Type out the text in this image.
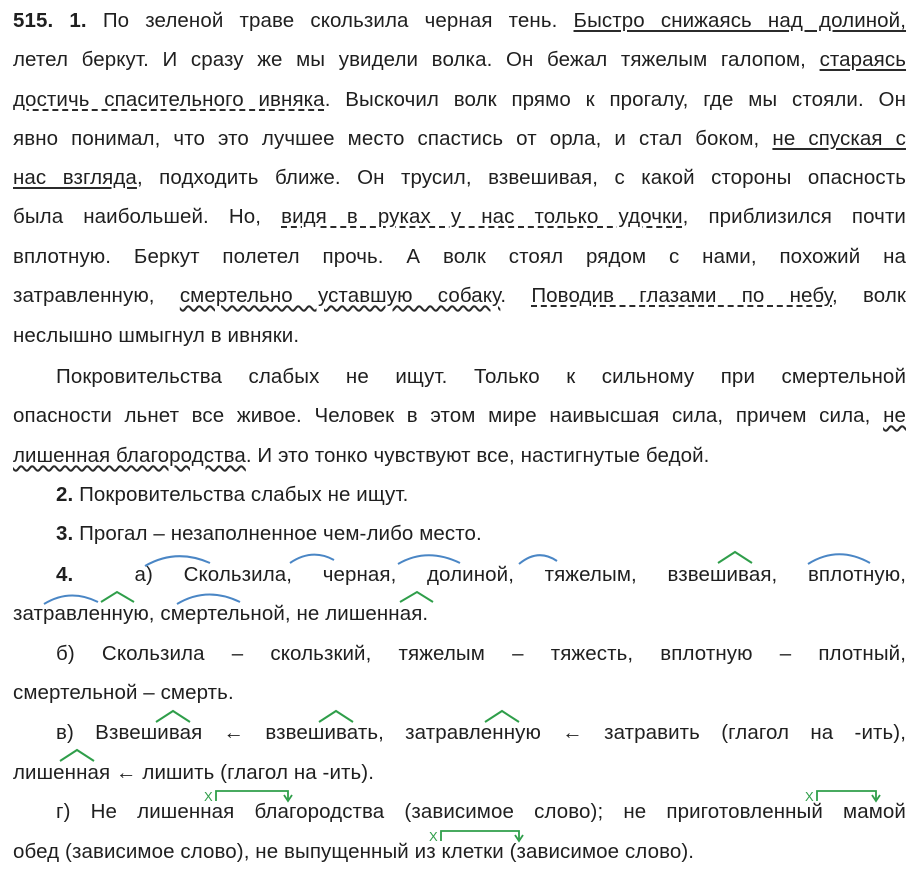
515. 1. По зеленой траве скользила черная тень. Быстро снижаясь над долиной,
летел беркут. И сразу же мы увидели волка. Он бежал тяжелым галопом, стараясь
достичь спасительного ивняка. Выскочил волк прямо к прогалу, где мы стояли. Он
явно понимал, что это лучшее место спастись от орла, и стал боком, не спуская с
нас взгляда, подходить ближе. Он трусил, взвешивая, с какой стороны опасность
была наибольшей. Но, видя в руках у нас только удочки, приблизился почти
вплотную. Беркут полетел прочь. А волк стоял рядом с нами, похожий на
затравленную, смертельно уставшую собаку. Поводив глазами по небу, волк
неслышно шмыгнул в ивняки.
Покровительства слабых не ищут. Только к сильному при смертельной
опасности льнет все живое. Человек в этом мире наивысшая сила, причем сила, не
лишенная благородства. И это тонко чувствуют все, настигнутые бедой.
2. Покровительства слабых не ищут.
3. Прогал – незаполненное чем-либо место.
4.	а) Скользила, черная, долиной, тяжелым, взвешивая, вплотную,
затравленную, смертельной, не лишенная.
б) Скользила – скользкий, тяжелым – тяжесть, вплотную – плотный,
смертельной – смерть.
в) Взвешивая ← взвешивать, затравленную ← затравить (глагол на -ить),
лишенная ← лишить (глагол на -ить).
г) Не лишенная благородства (зависимое слово); не приготовленный мамой
обед (зависимое слово), не выпущенный из клетки (зависимое слово).
X	X
X
